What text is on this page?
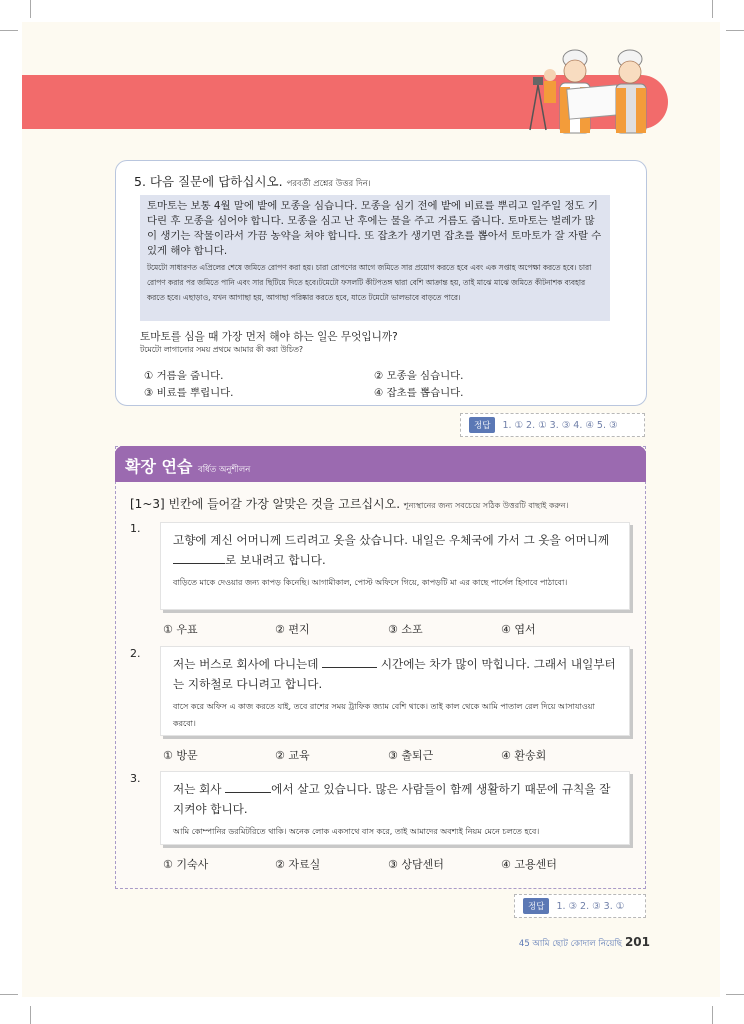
5. 다음 질문에 답하십시오. পরবর্তী প্রশ্নের উত্তর দিন।

토마토는 보통 4월 말에 밭에 모종을 심습니다. 모종을 심기 전에 밭에 비료를 뿌리고 일주일 정도 기다린 후 모종을 심어야 합니다. 모종을 심고 난 후에는 물을 주고 거름도 줍니다. 토마토는 벌레가 많이 생기는 작물이라서 가끔 농약을 쳐야 합니다. 또 잡초가 생기면 잡초를 뽑아서 토마토가 잘 자랄 수 있게 해야 합니다.

টমেটো সাধারণত এপ্রিলের শেষে জমিতে রোপণ করা হয়। চারা রোপণের আগে জমিতে সার প্রয়োগ করতে হবে এবং এক সপ্তাহ অপেক্ষা করতে হবে। চারা রোপণ করার পর জমিতে পানি এবং সার ছিটিয়ে দিতে হবে।টমেটো ফসলটি কীটপতঙ্গ দ্বারা বেশি আক্রান্ত হয়, তাই মাঝে মাঝে জমিতে কীটনাশক ব্যবহার করতে হবে। এছাড়াও, যখন আগাছা হয়, আগাছা পরিষ্কার করতে হবে, যাতে টমেটো ভালভাবে বাড়তে পারে।

토마토를 심을 때 가장 먼저 해야 하는 일은 무엇입니까?

টমেটো লাগানোর সময় প্রথমে আমার কী করা উচিত?

① 거름을 줍니다.	② 모종을 심습니다.
③ 비료를 뿌립니다.	④ 잡초를 뽑습니다.
정답	1. ① 2. ① 3. ③ 4. ④ 5. ③
확장 연습 বর্ধিত অনুশীলন
[1~3] 빈칸에 들어갈 가장 알맞은 것을 고르십시오. শূন্যস্থানের জন্য সবচেয়ে সঠিক উত্তরটি বাছাই করুন।
1.

고향에 계신 어머니께 드리려고 옷을 샀습니다. 내일은 우체국에 가서 그 옷을 어머니께 로 보내려고 합니다.

বাড়িতে মাকে দেওয়ার জন্য কাপড় কিনেছি। আগামীকাল, পোস্ট অফিসে গিয়ে, কাপড়টি মা এর কাছে পার্সেল হিসাবে পাঠাবো।

① 우표	② 편지	③ 소포	④ 엽서
2.

저는 버스로 회사에 다니는데	시간에는 차가 많이 막힙니다. 그래서 내일부터는 지하철로 다니려고 합니다.

বাসে করে অফিস এ কাজ করতে যাই, তবে রাশের সময় ট্রাফিক জ্যাম বেশি থাকে। তাই কাল থেকে আমি পাতাল রেল দিয়ে আসাযাওয়া করবো।

① 방문	② 교육	③ 출퇴근	④ 환송회
3.

저는 회사	에서 살고 있습니다. 많은 사람들이 함께 생활하기 때문에 규칙을 잘 지켜야 합니다.

আমি কোম্পানির ডরমিটরিতে থাকি। অনেক লোক একসাথে বাস করে, তাই আমাদের অবশ্যই নিয়ম মেনে চলতে হবে।

① 기숙사	② 자료실	③ 상담센터	④ 고용센터
정답	1. ③ 2. ③ 3. ①
45 আমি ছোট কোদাল নিয়েছি 201
